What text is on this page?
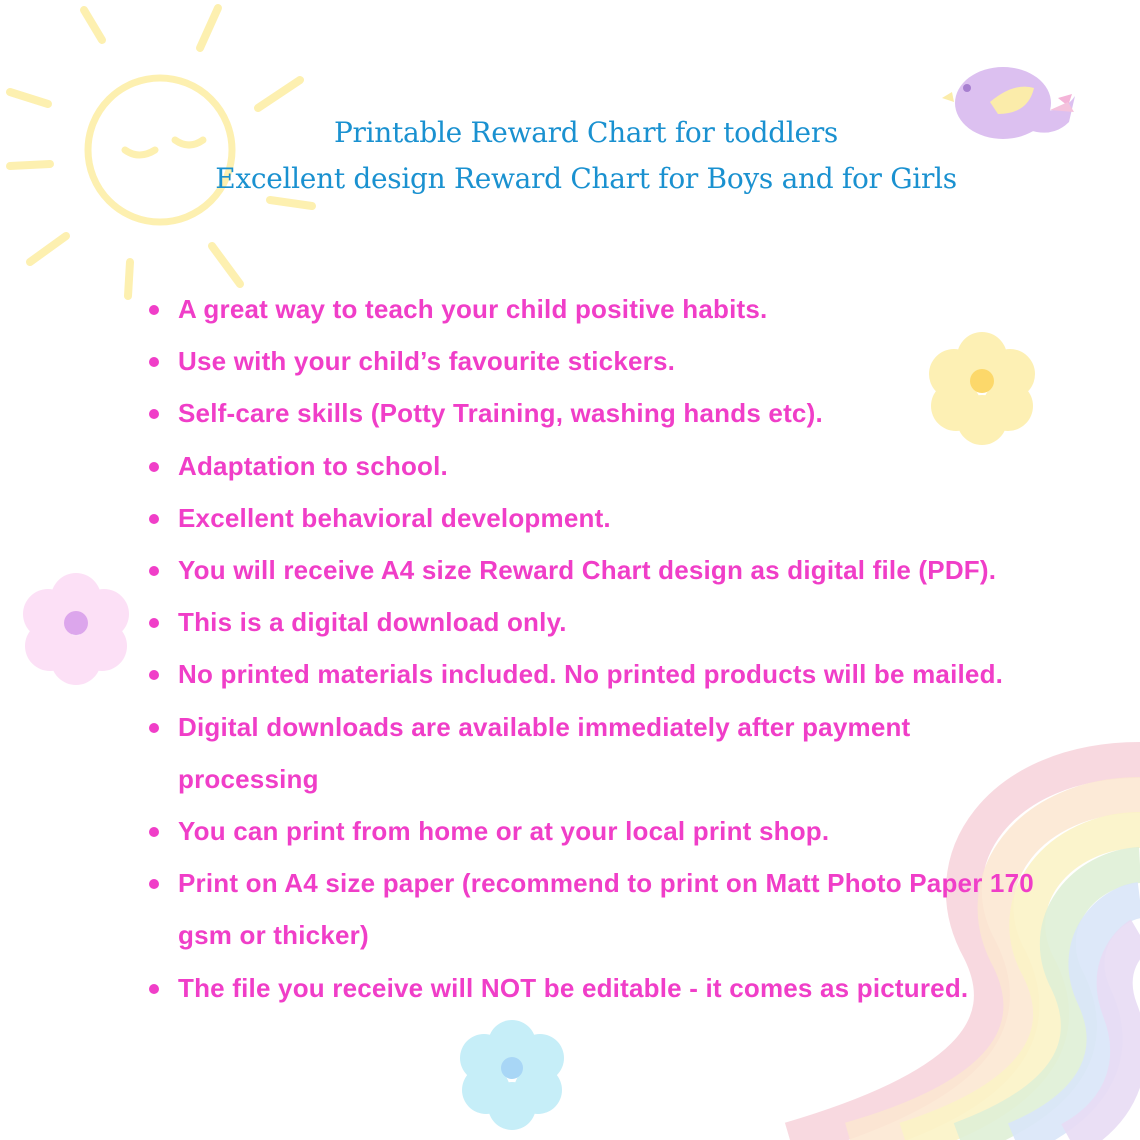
Printable Reward Chart for toddlers
Excellent design Reward Chart for Boys and for Girls
A great way to teach your child positive habits.
Use with your child’s favourite stickers.
Self-care skills (Potty Training, washing hands etc).
Adaptation to school.
Excellent behavioral development.
You will receive A4 size Reward Chart design as digital file (PDF).
This is a digital download only.
No printed materials included. No printed products will be mailed.
Digital downloads are available immediately after payment processing
You can print from home or at your local print shop.
Print on A4 size paper (recommend to print on Matt Photo Paper 170 gsm or thicker)
The file you receive will NOT be editable - it comes as pictured.
